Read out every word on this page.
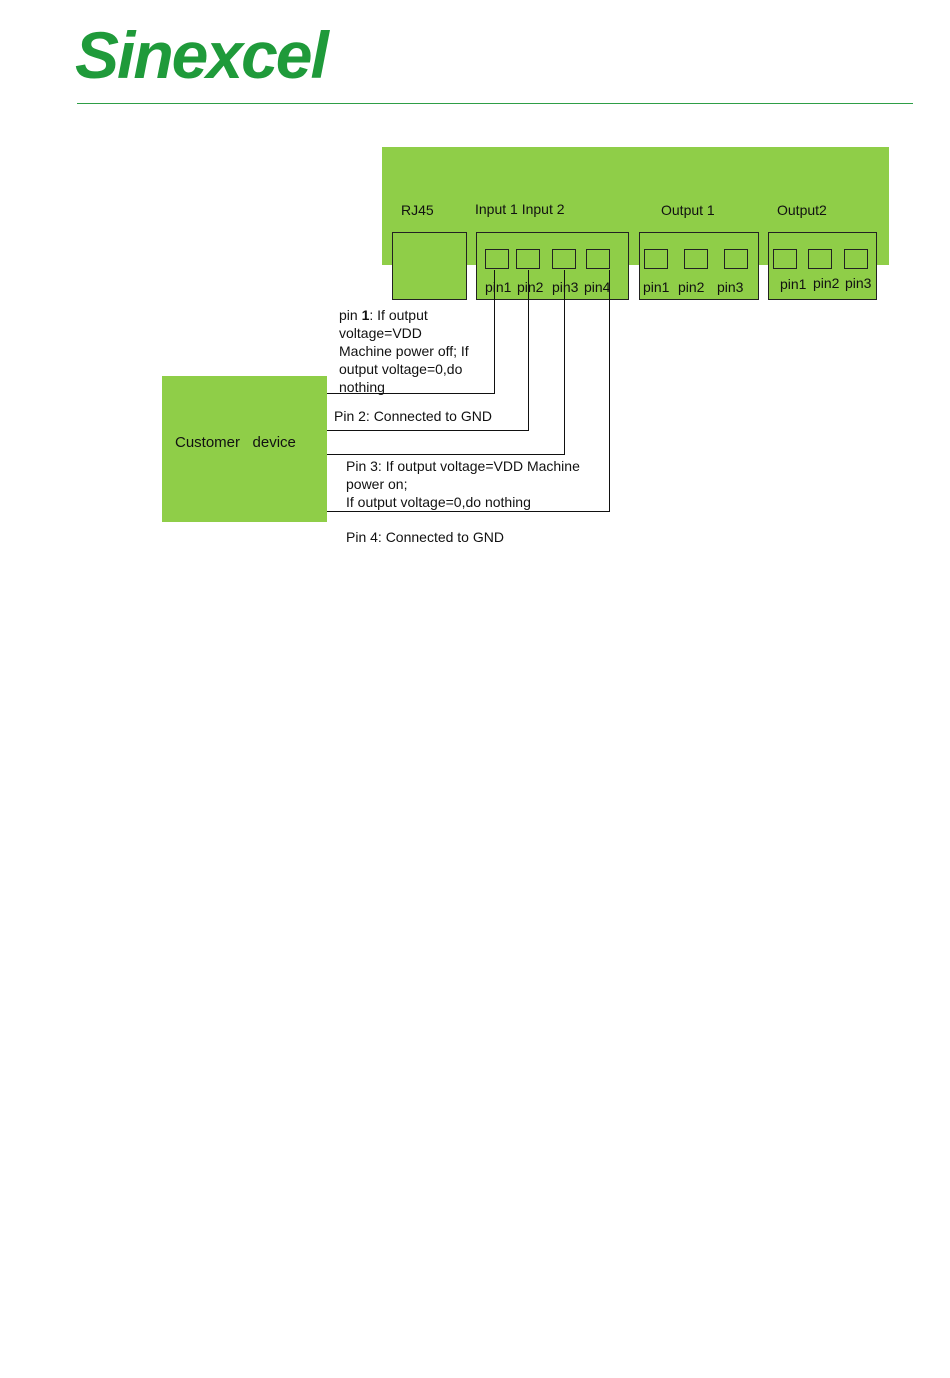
Sinexcel
RJ45	Input 1 Input 2	Output 1	Output2
pin1 pin2 pin3 pin4 pin1 pin2 pin3	pin1 pin2 pin3
Customer   device
pin 1: If output
voltage=VDD
Machine power off; If
output voltage=0,do
nothing
Pin 2: Connected to GND
Pin 3: If output voltage=VDD Machine
power on;
If output voltage=0,do nothing
Pin 4: Connected to GND
